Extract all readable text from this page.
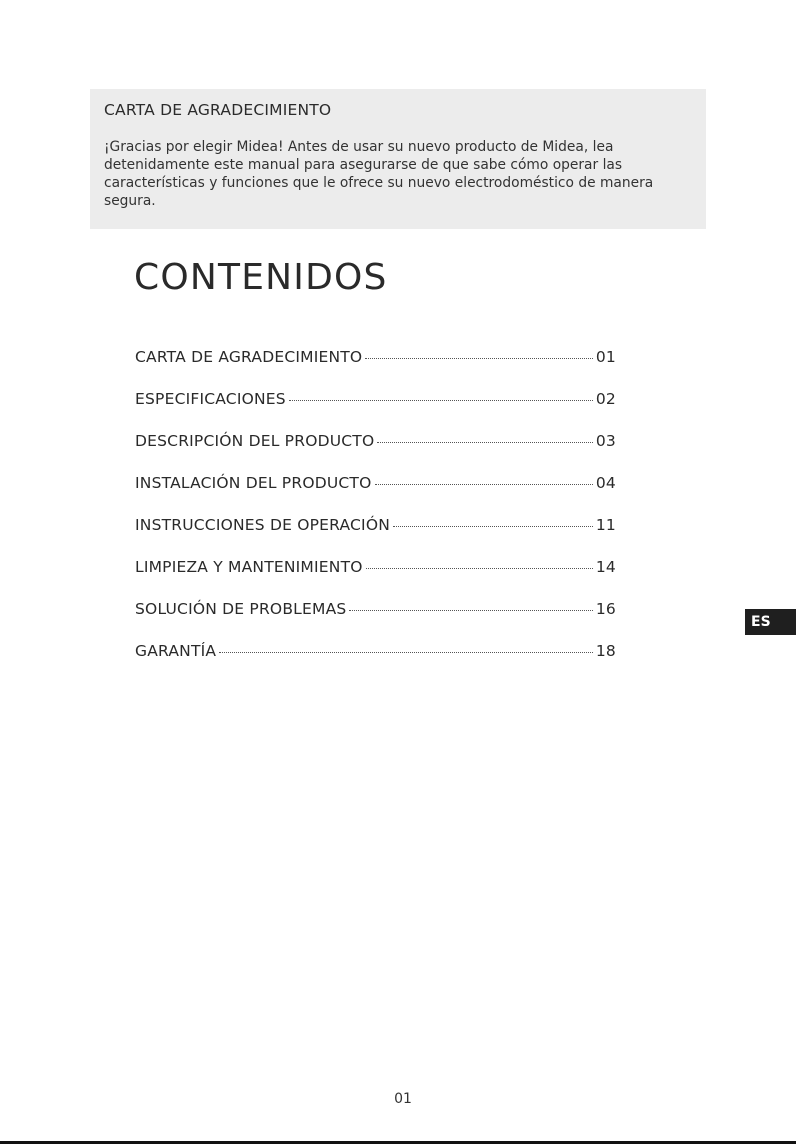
CARTA DE AGRADECIMIENTO
¡Gracias por elegir Midea! Antes de usar su nuevo producto de Midea, lea detenidamente este manual para asegurarse de que sabe cómo operar las características y funciones que le ofrece su nuevo electrodoméstico de manera segura.
CONTENIDOS
CARTA DE AGRADECIMIENTO	01
ESPECIFICACIONES	02
DESCRIPCIÓN DEL PRODUCTO	03
INSTALACIÓN DEL PRODUCTO	04
INSTRUCCIONES DE OPERACIÓN	11
LIMPIEZA Y MANTENIMIENTO	14
SOLUCIÓN DE PROBLEMAS	16
GARANTÍA	18
ES
01
